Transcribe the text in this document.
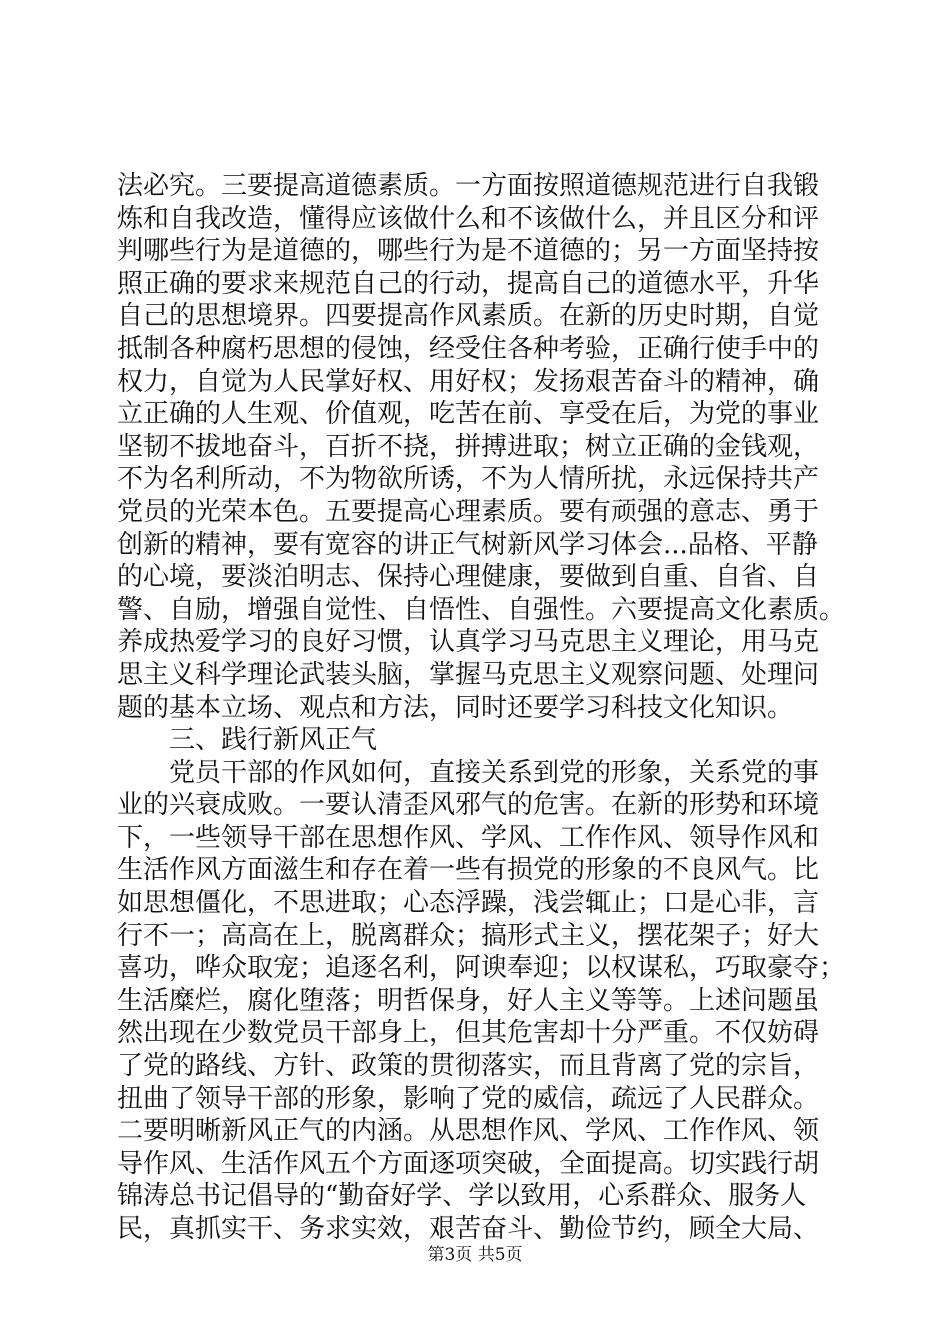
法必究。三要提高道德素质。一方面按照道德规范进行自我锻
炼和自我改造，懂得应该做什么和不该做什么，并且区分和评
判哪些行为是道德的，哪些行为是不道德的；另一方面坚持按
照正确的要求来规范自己的行动，提高自己的道德水平，升华
自己的思想境界。四要提高作风素质。在新的历史时期，自觉
抵制各种腐朽思想的侵蚀，经受住各种考验，正确行使手中的
权力，自觉为人民掌好权、用好权；发扬艰苦奋斗的精神，确
立正确的人生观、价值观，吃苦在前、享受在后，为党的事业
坚韧不拔地奋斗，百折不挠，拼搏进取；树立正确的金钱观，
不为名利所动，不为物欲所诱，不为人情所扰，永远保持共产
党员的光荣本色。五要提高心理素质。要有顽强的意志、勇于
创新的精神，要有宽容的讲正气树新风学习体会...品格、平静
的心境，要淡泊明志、保持心理健康，要做到自重、自省、自
警、自励，增强自觉性、自悟性、自强性。六要提高文化素质。
养成热爱学习的良好习惯，认真学习马克思主义理论，用马克
思主义科学理论武装头脑，掌握马克思主义观察问题、处理问
题的基本立场、观点和方法，同时还要学习科技文化知识。
三、践行新风正气
党员干部的作风如何，直接关系到党的形象，关系党的事
业的兴衰成败。一要认清歪风邪气的危害。在新的形势和环境
下，一些领导干部在思想作风、学风、工作作风、领导作风和
生活作风方面滋生和存在着一些有损党的形象的不良风气。比
如思想僵化，不思进取；心态浮躁，浅尝辄止；口是心非，言
行不一；高高在上，脱离群众；搞形式主义，摆花架子；好大
喜功，哗众取宠；追逐名利，阿谀奉迎；以权谋私，巧取豪夺；
生活糜烂，腐化堕落；明哲保身，好人主义等等。上述问题虽
然出现在少数党员干部身上，但其危害却十分严重。不仅妨碍
了党的路线、方针、政策的贯彻落实，而且背离了党的宗旨，
扭曲了领导干部的形象，影响了党的威信，疏远了人民群众。
二要明晰新风正气的内涵。从思想作风、学风、工作作风、领
导作风、生活作风五个方面逐项突破，全面提高。切实践行胡
锦涛总书记倡导的“勤奋好学、学以致用，心系群众、服务人
民，真抓实干、务求实效，艰苦奋斗、勤俭节约，顾全大局、
第3页 共5页
